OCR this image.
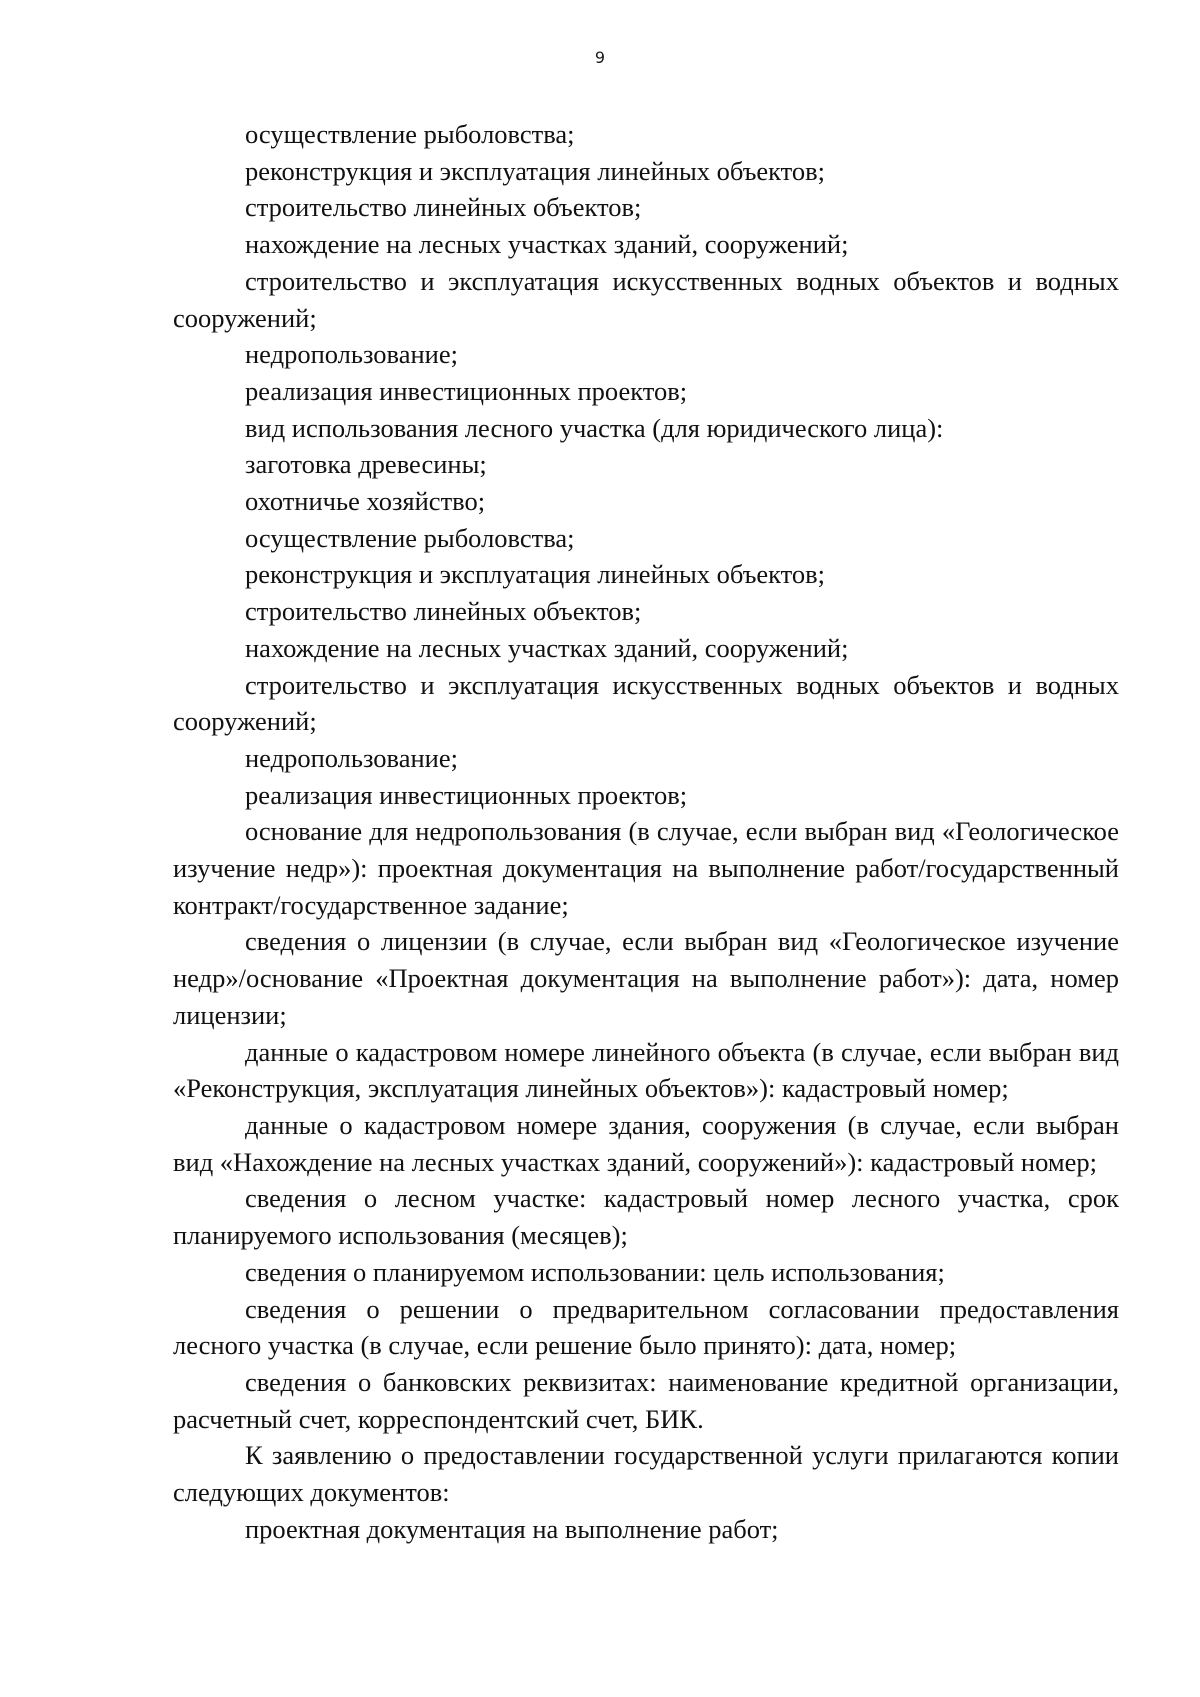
9

осуществление рыболовства;

реконструкция и эксплуатация линейных объектов;

строительство линейных объектов;

нахождение на лесных участках зданий, сооружений;

строительство и эксплуатация искусственных водных объектов и водных сооружений;

недропользование;

реализация инвестиционных проектов;

вид использования лесного участка (для юридического лица):

заготовка древесины;

охотничье хозяйство;

осуществление рыболовства;

реконструкция и эксплуатация линейных объектов;

строительство линейных объектов;

нахождение на лесных участках зданий, сооружений;

строительство и эксплуатация искусственных водных объектов и водных сооружений;

недропользование;

реализация инвестиционных проектов;

основание для недропользования (в случае, если выбран вид «Геологическое изучение недр»): проектная документация на выполнение работ/государственный контракт/государственное задание;

сведения о лицензии (в случае, если выбран вид «Геологическое изучение недр»/основание «Проектная документация на выполнение работ»): дата, номер лицензии;

данные о кадастровом номере линейного объекта (в случае, если выбран вид «Реконструкция, эксплуатация линейных объектов»): кадастровый номер;

данные о кадастровом номере здания, сооружения (в случае, если выбран вид «Нахождение на лесных участках зданий, сооружений»): кадастровый номер;

сведения о лесном участке: кадастровый номер лесного участка, срок планируемого использования (месяцев);

сведения о планируемом использовании: цель использования;

сведения о решении о предварительном согласовании предоставления лесного участка (в случае, если решение было принято): дата, номер;

сведения о банковских реквизитах: наименование кредитной организации, расчетный счет, корреспондентский счет, БИК.

К заявлению о предоставлении государственной услуги прилагаются копии следующих документов:

проектная документация на выполнение работ;
